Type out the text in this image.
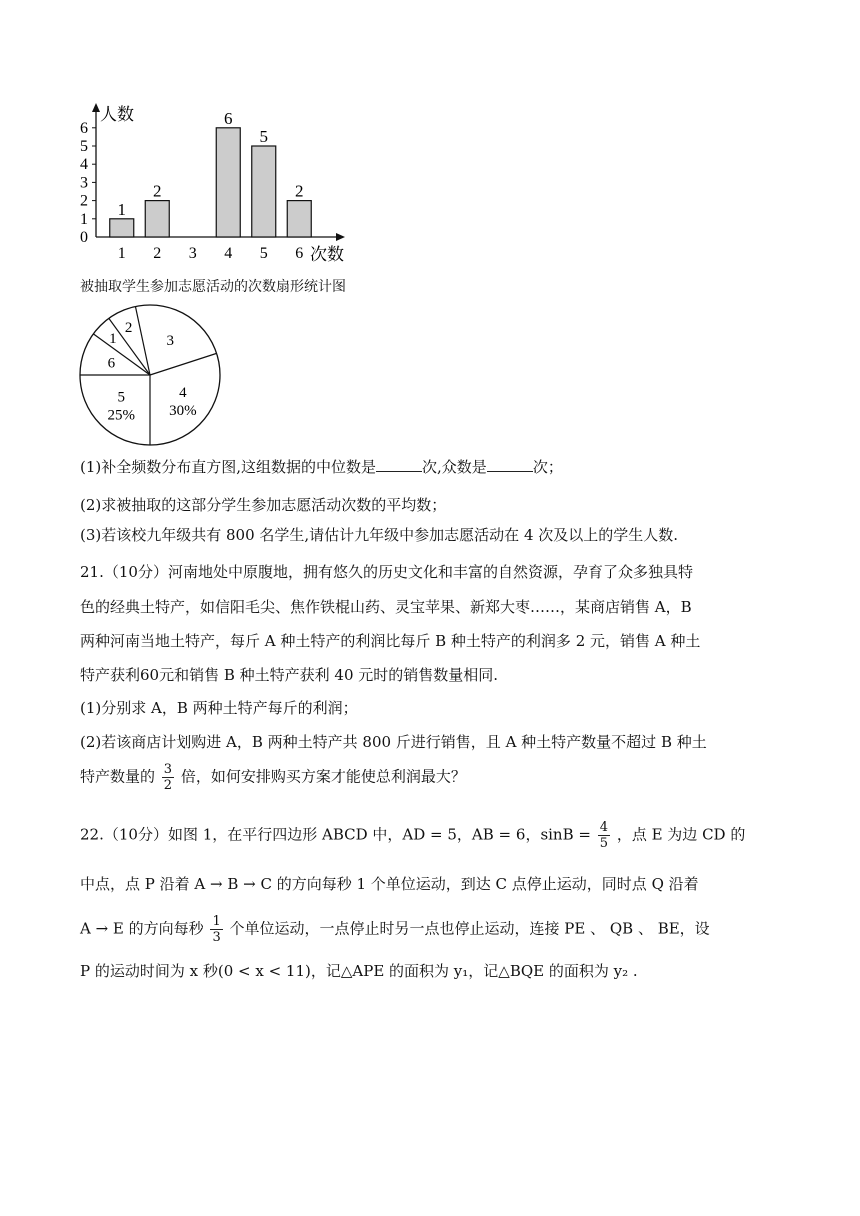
人数
次数
0
1
2
3
4
5
6
1 2 3 4 5 6
1
2
6
5
2
被抽取学生参加志愿活动的次数扇形统计图
3
4
30%
5
25%
6
1
2
(1)补全频数分布直方图,这组数据的中位数是	次,众数是	次；
(2)求被抽取的这部分学生参加志愿活动次数的平均数；
(3)若该校九年级共有 800 名学生,请估计九年级中参加志愿活动在 4 次及以上的学生人数.
21.（10分）河南地处中原腹地，拥有悠久的历史文化和丰富的自然资源，孕育了众多独具特
色的经典土特产，如信阳毛尖、焦作铁棍山药、灵宝苹果、新郑大枣……，某商店销售 A，B
两种河南当地土特产，每斤 A 种土特产的利润比每斤 B 种土特产的利润多 2 元，销售 A 种土
特产获利60元和销售 B 种土特产获利 40 元时的销售数量相同.
(1)分别求 A，B 两种土特产每斤的利润；
(2)若该商店计划购进 A，B 两种土特产共 800 斤进行销售，且 A 种土特产数量不超过 B 种土
特产数量的 $\frac{3}{2}$ 倍，如何安排购买方案才能使总利润最大？
22.（10分）如图 1，在平行四边形 ABCD 中，AD = 5，AB = 6，$\sin B = \frac{4}{5}$ ，点 E 为边 CD 的
中点，点 P 沿着 A → B → C 的方向每秒 1 个单位运动，到达 C 点停止运动，同时点 Q 沿着
A → E 的方向每秒 $\frac{1}{3}$ 个单位运动，一点停止时另一点也停止运动，连接 PE 、 QB 、 BE，设
P 的运动时间为 x 秒(0 < x < 11)，记△APE 的面积为 y₁，记△BQE 的面积为 y₂ .
